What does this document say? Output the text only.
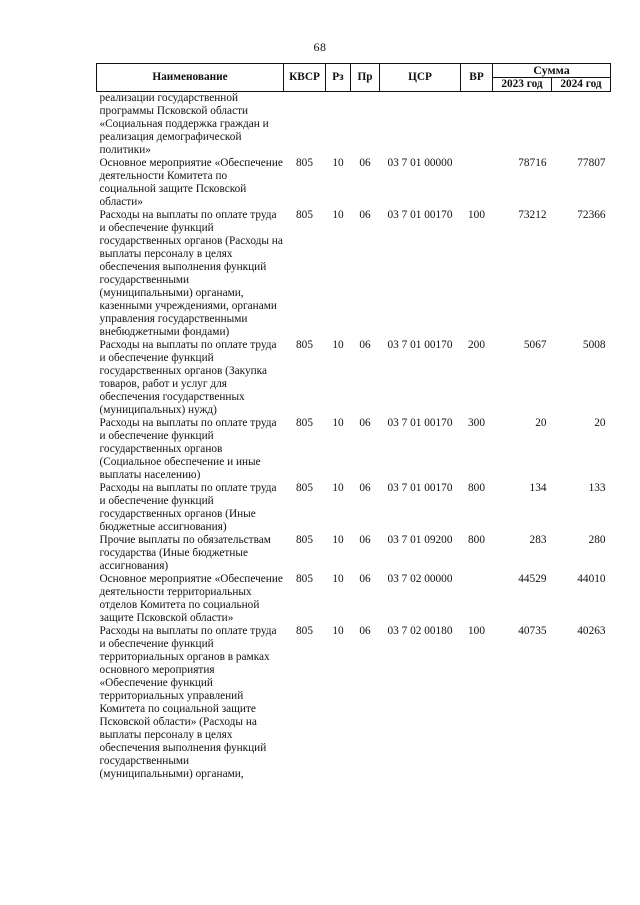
68
Наименование	КВСР	Рз	Пр	ЦСР	ВР	Сумма	
						2023 год	2024 год
реализации государственной программы Псковской области «Социальная поддержка граждан и реализация демографической политики»							
Основное мероприятие «Обеспечение деятельности Комитета по социальной защите Псковской области»	805	10	06	03 7 01 00000		78716	77807
Расходы на выплаты по оплате труда и обеспечение функций государственных органов (Расходы на выплаты персоналу в целях обеспечения выполнения функций государственными (муниципальными) органами, казенными учреждениями, органами управления государственными внебюджетными фондами)	805	10	06	03 7 01 00170	100	73212	72366
Расходы на выплаты по оплате труда и обеспечение функций государственных органов (Закупка товаров, работ и услуг для обеспечения государственных (муниципальных) нужд)	805	10	06	03 7 01 00170	200	5067	5008
Расходы на выплаты по оплате труда и обеспечение функций государственных органов (Социальное обеспечение и иные выплаты населению)	805	10	06	03 7 01 00170	300	20	20
Расходы на выплаты по оплате труда и обеспечение функций государственных органов (Иные бюджетные ассигнования)	805	10	06	03 7 01 00170	800	134	133
Прочие выплаты по обязательствам государства (Иные бюджетные ассигнования)	805	10	06	03 7 01 09200	800	283	280
Основное мероприятие «Обеспечение деятельности территориальных отделов Комитета по социальной защите Псковской области»	805	10	06	03 7 02 00000		44529	44010
Расходы на выплаты по оплате труда и обеспечение функций территориальных органов в рамках основного мероприятия «Обеспечение функций территориальных управлений Комитета по социальной защите Псковской области» (Расходы на выплаты персоналу в целях обеспечения выполнения функций государственными (муниципальными) органами,	805	10	06	03 7 02 00180	100	40735	40263
